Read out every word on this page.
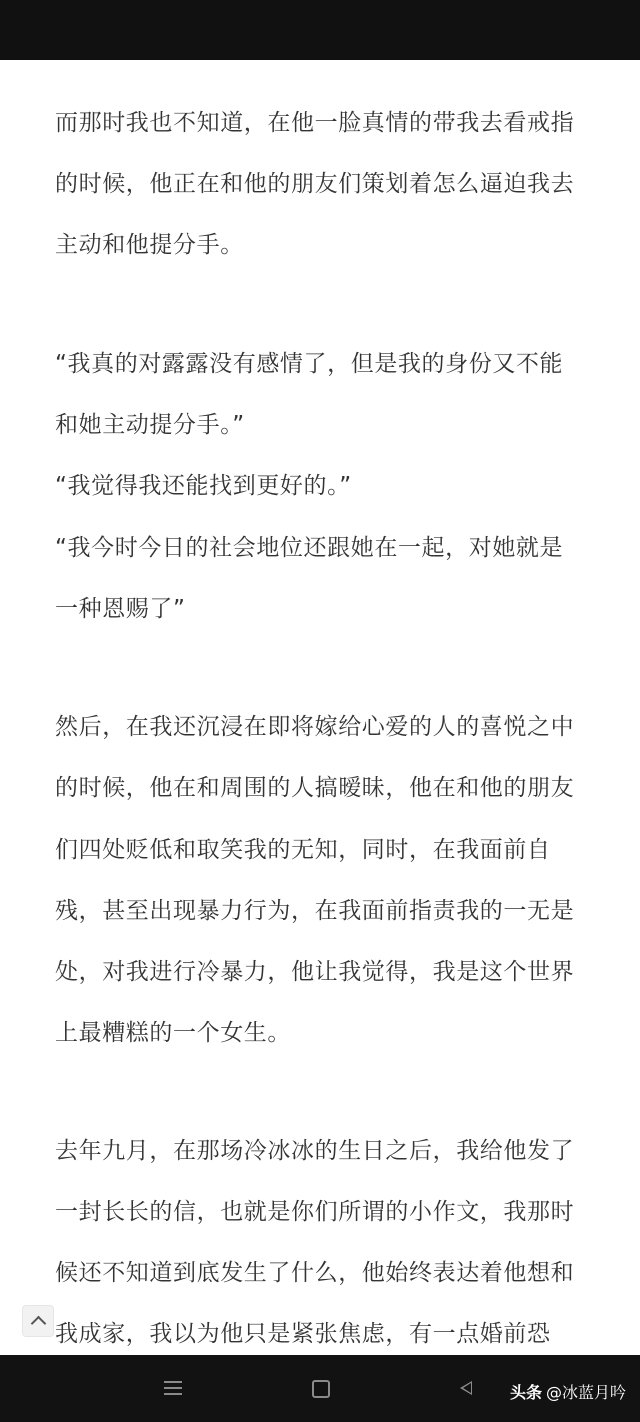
而那时我也不知道，在他一脸真情的带我去看戒指
的时候，他正在和他的朋友们策划着怎么逼迫我去
主动和他提分手。
“我真的对露露没有感情了，但是我的身份又不能
和她主动提分手。”
“我觉得我还能找到更好的。”
“我今时今日的社会地位还跟她在一起，对她就是
一种恩赐了”
然后，在我还沉浸在即将嫁给心爱的人的喜悦之中
的时候，他在和周围的人搞暧昧，他在和他的朋友
们四处贬低和取笑我的无知，同时，在我面前自
残，甚至出现暴力行为，在我面前指责我的一无是
处，对我进行冷暴力，他让我觉得，我是这个世界
上最糟糕的一个女生。
去年九月，在那场冷冰冰的生日之后，我给他发了
一封长长的信，也就是你们所谓的小作文，我那时
候还不知道到底发生了什么，他始终表达着他想和
我成家，我以为他只是紧张焦虑，有一点婚前恐
头条 @冰蓝月吟
